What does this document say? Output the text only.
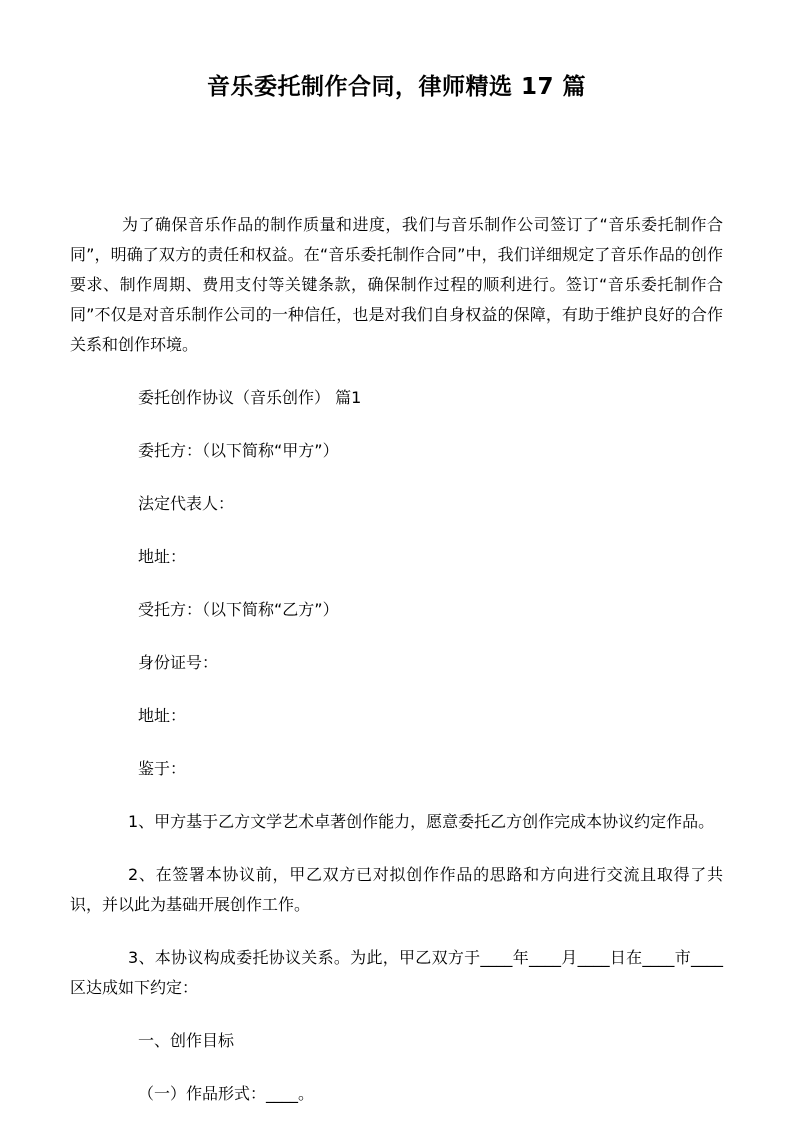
音乐委托制作合同，律师精选 17 篇

为了确保音乐作品的制作质量和进度，我们与音乐制作公司签订了“音乐委托制作合同”，明确了双方的责任和权益。在“音乐委托制作合同”中，我们详细规定了音乐作品的创作要求、制作周期、费用支付等关键条款，确保制作过程的顺利进行。签订“音乐委托制作合同”不仅是对音乐制作公司的一种信任，也是对我们自身权益的保障，有助于维护良好的合作关系和创作环境。

委托创作协议（音乐创作） 篇1

委托方：（以下简称“甲方”）

法定代表人：

地址：

受托方：（以下简称“乙方”）

身份证号：

地址：

鉴于：

1、甲方基于乙方文学艺术卓著创作能力，愿意委托乙方创作完成本协议约定作品。

2、在签署本协议前，甲乙双方已对拟创作作品的思路和方向进行交流且取得了共识，并以此为基础开展创作工作。

3、本协议构成委托协议关系。为此，甲乙双方于____年____月____日在____市____区达成如下约定：

一、创作目标

（一）作品形式：____。
